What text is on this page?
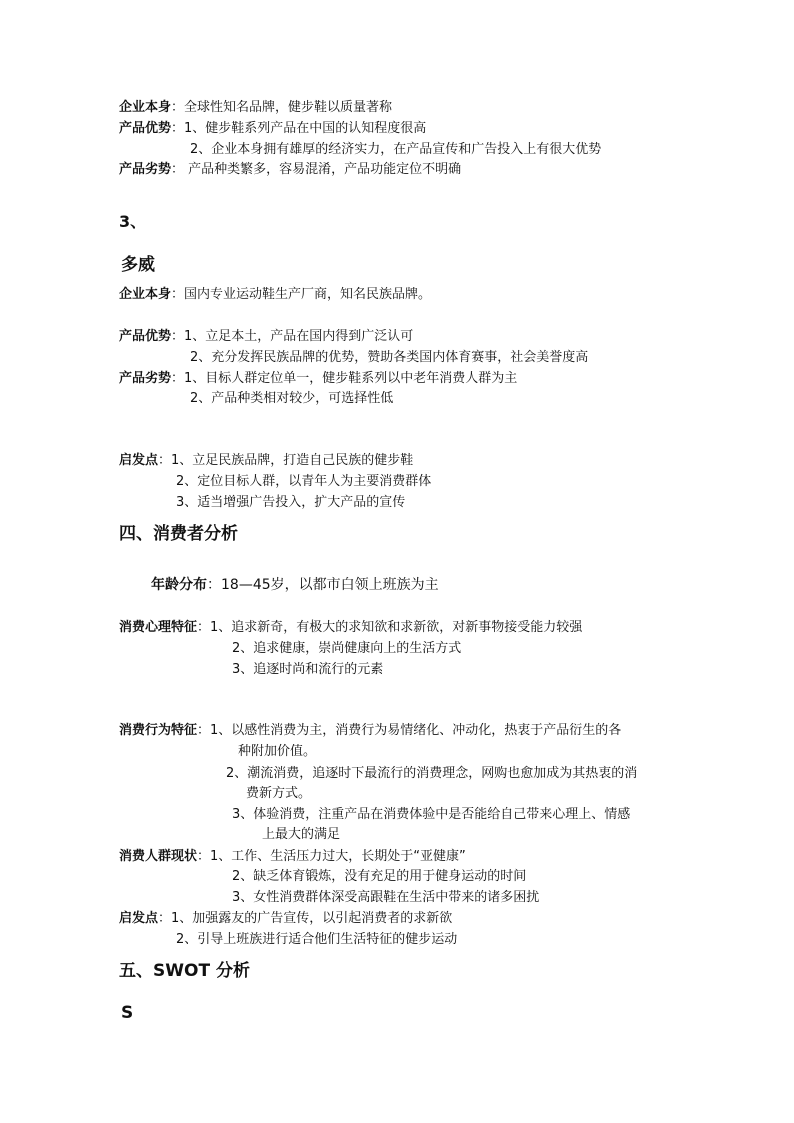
企业本身：全球性知名品牌，健步鞋以质量著称
产品优势：1、健步鞋系列产品在中国的认知程度很高
2、企业本身拥有雄厚的经济实力，在产品宣传和广告投入上有很大优势
产品劣势： 产品种类繁多，容易混淆，产品功能定位不明确
3、
多威
企业本身：国内专业运动鞋生产厂商，知名民族品牌。
产品优势：1、立足本土，产品在国内得到广泛认可
2、充分发挥民族品牌的优势，赞助各类国内体育赛事，社会美誉度高
产品劣势：1、目标人群定位单一，健步鞋系列以中老年消费人群为主
2、产品种类相对较少，可选择性低
启发点：1、立足民族品牌，打造自己民族的健步鞋
2、定位目标人群，以青年人为主要消费群体
3、适当增强广告投入，扩大产品的宣传
四、消费者分析
年龄分布：18—45岁，以都市白领上班族为主
消费心理特征：1、追求新奇，有极大的求知欲和求新欲，对新事物接受能力较强
2、追求健康，崇尚健康向上的生活方式
3、追逐时尚和流行的元素
消费行为特征：1、以感性消费为主，消费行为易情绪化、冲动化，热衷于产品衍生的各
种附加价值。
2、潮流消费，追逐时下最流行的消费理念，网购也愈加成为其热衷的消
费新方式。
3、体验消费，注重产品在消费体验中是否能给自己带来心理上、情感
上最大的满足
消费人群现状：1、工作、生活压力过大，长期处于“亚健康”
2、缺乏体育锻炼，没有充足的用于健身运动的时间
3、女性消费群体深受高跟鞋在生活中带来的诸多困扰
启发点：1、加强露友的广告宣传，以引起消费者的求新欲
2、引导上班族进行适合他们生活特征的健步运动
五、SWOT 分析
S
